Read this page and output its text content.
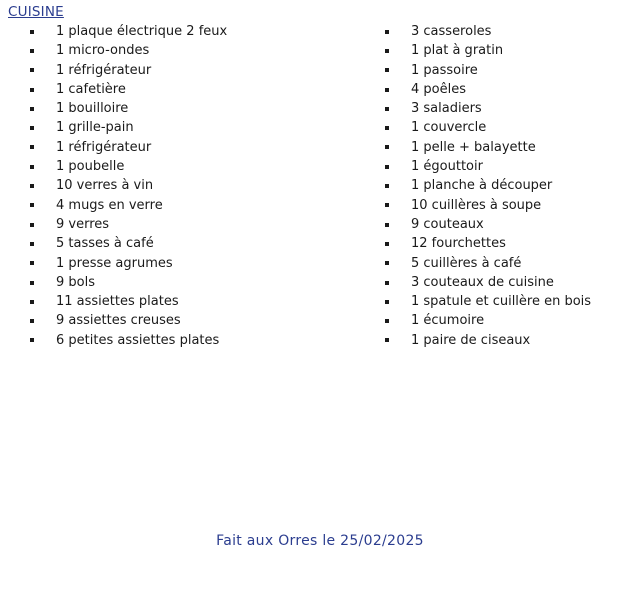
CUISINE
1 plaque électrique 2 feux
1 micro-ondes
1 réfrigérateur
1 cafetière
1 bouilloire
1 grille-pain
1 réfrigérateur
1 poubelle
10 verres à vin
4 mugs en verre
9 verres
5 tasses à café
1 presse agrumes
9 bols
11 assiettes plates
9 assiettes creuses
6 petites assiettes plates
3 casseroles
1 plat à gratin
1 passoire
4 poêles
3 saladiers
1 couvercle
1 pelle + balayette
1 égouttoir
1 planche à découper
10 cuillères à soupe
9 couteaux
12 fourchettes
5 cuillères à café
3 couteaux de cuisine
1 spatule et cuillère en bois
1 écumoire
1 paire de ciseaux
Fait aux Orres le 25/02/2025
